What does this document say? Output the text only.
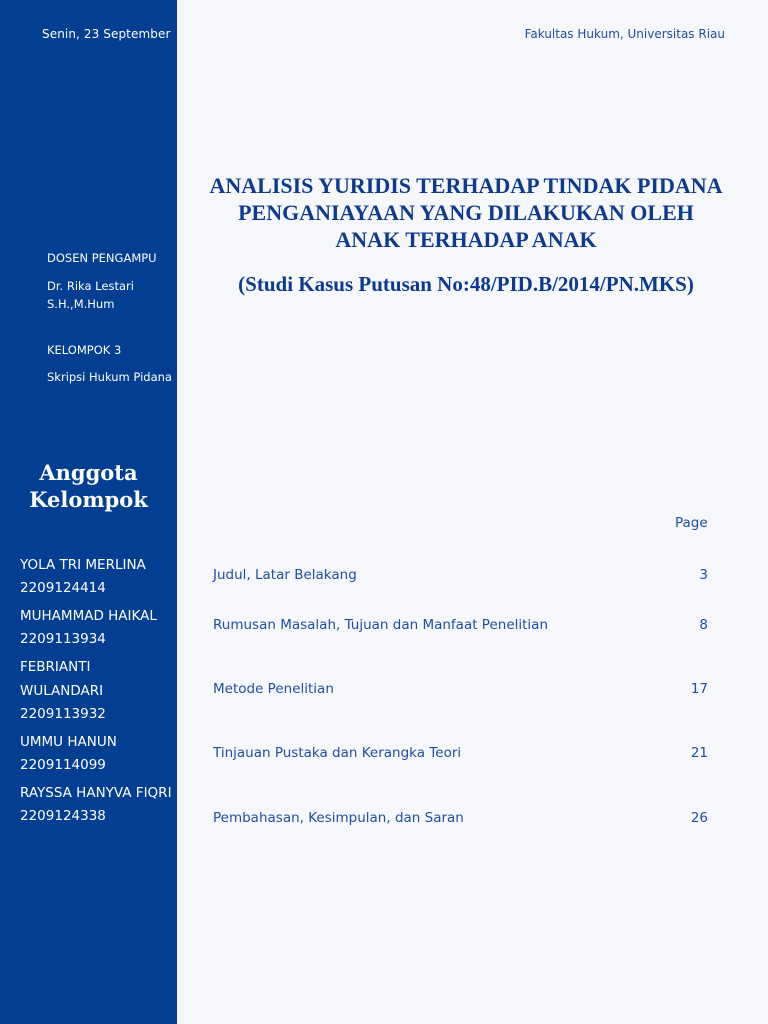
Senin, 23 September
DOSEN PENGAMPU
Dr. Rika Lestari S.H.,M.Hum
KELOMPOK 3
Skripsi Hukum Pidana
Anggota Kelompok
YOLA TRI MERLINA
2209124414
MUHAMMAD HAIKAL
2209113934
FEBRIANTI WULANDARI
2209113932
UMMU HANUN
2209114099
RAYSSA HANYVA FIQRI
2209124338
Fakultas Hukum, Universitas Riau
ANALISIS YURIDIS TERHADAP TINDAK PIDANA PENGANIAYAAN YANG DILAKUKAN OLEH ANAK TERHADAP ANAK
(Studi Kasus Putusan No:48/PID.B/2014/PN.MKS)
Page
Judul, Latar Belakang	3
Rumusan Masalah, Tujuan dan Manfaat Penelitian	8
Metode Penelitian	17
Tinjauan Pustaka dan Kerangka Teori	21
Pembahasan, Kesimpulan, dan Saran	26
